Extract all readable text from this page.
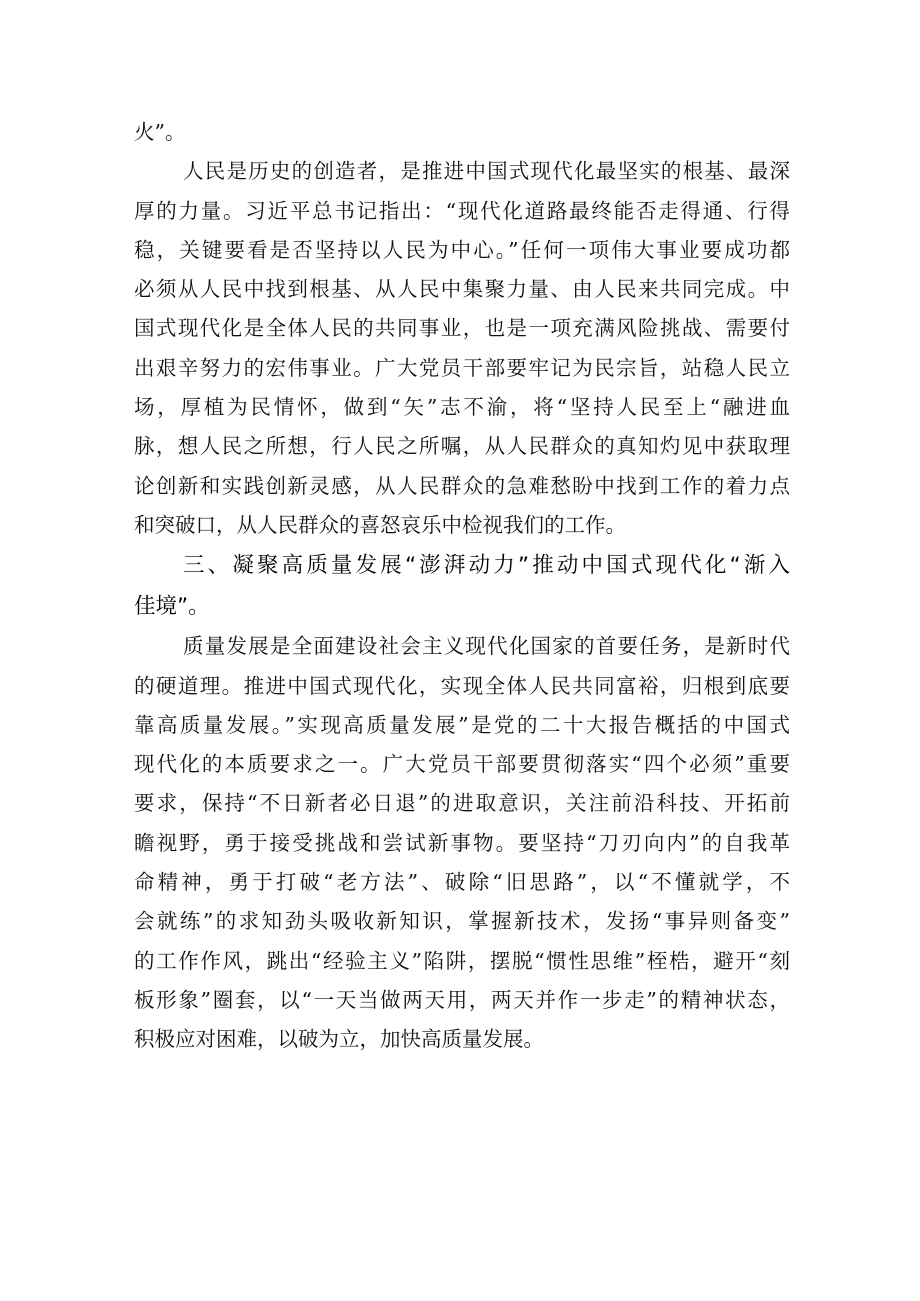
火”。
人民是历史的创造者，是推进中国式现代化最坚实的根基、最深
厚的力量。习近平总书记指出：“现代化道路最终能否走得通、行得
稳，关键要看是否坚持以人民为中心。”任何一项伟大事业要成功都
必须从人民中找到根基、从人民中集聚力量、由人民来共同完成。中
国式现代化是全体人民的共同事业，也是一项充满风险挑战、需要付
出艰辛努力的宏伟事业。广大党员干部要牢记为民宗旨，站稳人民立
场，厚植为民情怀，做到“矢”志不渝，将“坚持人民至上“融进血
脉，想人民之所想，行人民之所嘱，从人民群众的真知灼见中获取理
论创新和实践创新灵感，从人民群众的急难愁盼中找到工作的着力点
和突破口，从人民群众的喜怒哀乐中检视我们的工作。
三、凝聚高质量发展“澎湃动力”推动中国式现代化“渐入
佳境”。
质量发展是全面建设社会主义现代化国家的首要任务，是新时代
的硬道理。推进中国式现代化，实现全体人民共同富裕，归根到底要
靠高质量发展。”实现高质量发展”是党的二十大报告概括的中国式
现代化的本质要求之一。广大党员干部要贯彻落实“四个必须”重要
要求，保持“不日新者必日退”的进取意识，关注前沿科技、开拓前
瞻视野，勇于接受挑战和尝试新事物。要坚持“刀刃向内”的自我革
命精神，勇于打破“老方法”、破除“旧思路”，以“不懂就学，不
会就练”的求知劲头吸收新知识，掌握新技术，发扬“事异则备变”
的工作作风，跳出“经验主义”陷阱，摆脱“惯性思维”桎梏，避开“刻
板形象”圈套，以“一天当做两天用，两天并作一步走”的精神状态，
积极应对困难，以破为立，加快高质量发展。
